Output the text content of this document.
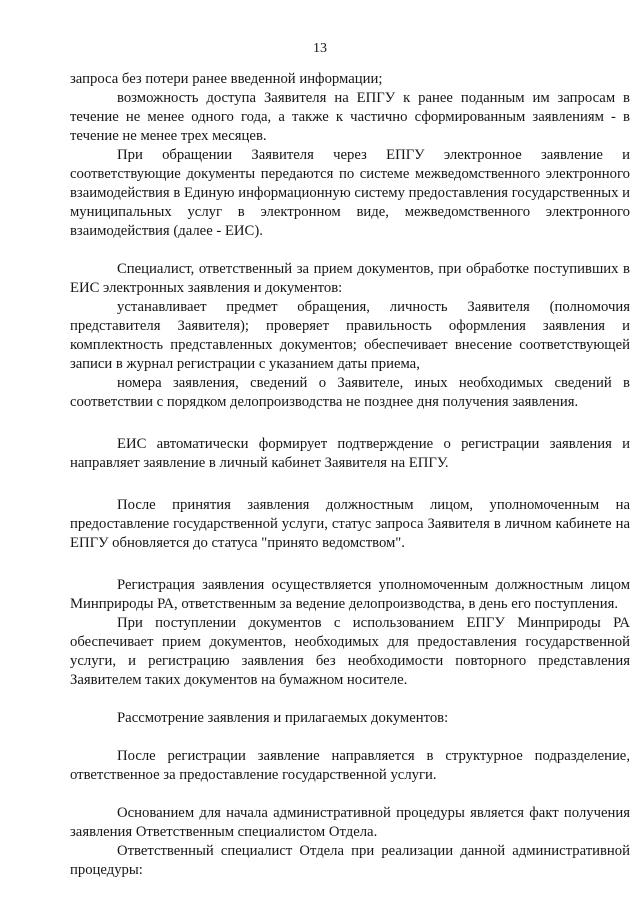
13

запроса без потери ранее введенной информации;

возможность доступа Заявителя на ЕПГУ к ранее поданным им запросам в течение не менее одного года, а также к частично сформированным заявлениям - в течение не менее трех месяцев.

При обращении Заявителя через ЕПГУ электронное заявление и соответствующие документы передаются по системе межведомственного электронного взаимодействия в Единую информационную систему предоставления государственных и муниципальных услуг в электронном виде, межведомственного электронного взаимодействия (далее - ЕИС).

Специалист, ответственный за прием документов, при обработке поступивших в ЕИС электронных заявления и документов:

устанавливает предмет обращения, личность Заявителя (полномочия представителя Заявителя); проверяет правильность оформления заявления и комплектность представленных документов; обеспечивает внесение соответствующей записи в журнал регистрации с указанием даты приема,

номера заявления, сведений о Заявителе, иных необходимых сведений в соответствии с порядком делопроизводства не позднее дня получения заявления.

ЕИС автоматически формирует подтверждение о регистрации заявления и направляет заявление в личный кабинет Заявителя на ЕПГУ.

После принятия заявления должностным лицом, уполномоченным на предоставление государственной услуги, статус запроса Заявителя в личном кабинете на ЕПГУ обновляется до статуса "принято ведомством".

Регистрация заявления осуществляется уполномоченным должностным лицом Минприроды РА, ответственным за ведение делопроизводства, в день его поступления.

При поступлении документов с использованием ЕПГУ Минприроды РА обеспечивает прием документов, необходимых для предоставления государственной услуги, и регистрацию заявления без необходимости повторного представления Заявителем таких документов на бумажном носителе.

Рассмотрение заявления и прилагаемых документов:

После регистрации заявление направляется в структурное подразделение, ответственное за предоставление государственной услуги.

Основанием для начала административной процедуры является факт получения заявления Ответственным специалистом Отдела.

Ответственный специалист Отдела при реализации данной административной процедуры:
